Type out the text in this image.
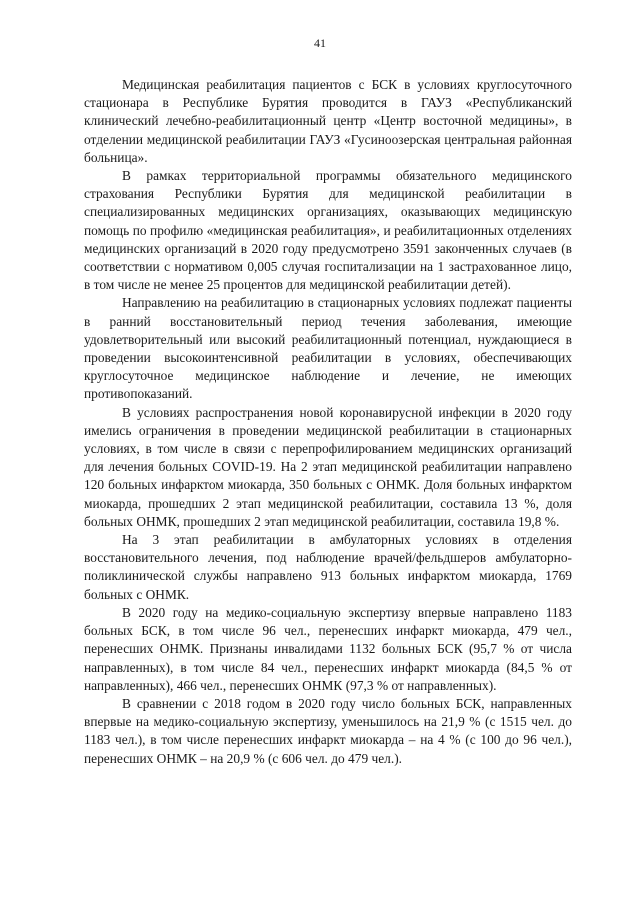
41

Медицинская реабилитация пациентов с БСК в условиях круглосуточного стационара в Республике Бурятия проводится в ГАУЗ «Республиканский клинический лечебно-реабилитационный центр «Центр восточной медицины», в отделении медицинской реабилитации ГАУЗ «Гусиноозерская центральная районная больница».

В рамках территориальной программы обязательного медицинского страхования Республики Бурятия для медицинской реабилитации в специализированных медицинских организациях, оказывающих медицинскую помощь по профилю «медицинская реабилитация», и реабилитационных отделениях медицинских организаций в 2020 году предусмотрено 3591 законченных случаев (в соответствии с нормативом 0,005 случая госпитализации на 1 застрахованное лицо, в том числе не менее 25 процентов для медицинской реабилитации детей).

Направлению на реабилитацию в стационарных условиях подлежат пациенты в ранний восстановительный период течения заболевания, имеющие удовлетворительный или высокий реабилитационный потенциал, нуждающиеся в проведении высокоинтенсивной реабилитации в условиях, обеспечивающих круглосуточное медицинское наблюдение и лечение, не имеющих противопоказаний.

В условиях распространения новой коронавирусной инфекции в 2020 году имелись ограничения в проведении медицинской реабилитации в стационарных условиях, в том числе в связи с перепрофилированием медицинских организаций для лечения больных COVID-19. На 2 этап медицинской реабилитации направлено 120 больных инфарктом миокарда, 350 больных с ОНМК. Доля больных инфарктом миокарда, прошедших 2 этап медицинской реабилитации, составила 13 %, доля больных ОНМК, прошедших 2 этап медицинской реабилитации, составила 19,8 %.

На 3 этап реабилитации в амбулаторных условиях в отделения восстановительного лечения, под наблюдение врачей/фельдшеров амбулаторно-поликлинической службы направлено 913 больных инфарктом миокарда, 1769 больных с ОНМК.

В 2020 году на медико-социальную экспертизу впервые направлено 1183 больных БСК, в том числе 96 чел., перенесших инфаркт миокарда, 479 чел., перенесших ОНМК. Признаны инвалидами 1132 больных БСК (95,7 % от числа направленных), в том числе 84 чел., перенесших инфаркт миокарда (84,5 % от направленных), 466 чел., перенесших ОНМК (97,3 % от направленных).

В сравнении с 2018 годом в 2020 году число больных БСК, направленных впервые на медико-социальную экспертизу, уменьшилось на 21,9 % (с 1515 чел. до 1183 чел.), в том числе перенесших инфаркт миокарда – на 4 % (с 100 до 96 чел.), перенесших ОНМК – на 20,9 % (с 606 чел. до 479 чел.).
